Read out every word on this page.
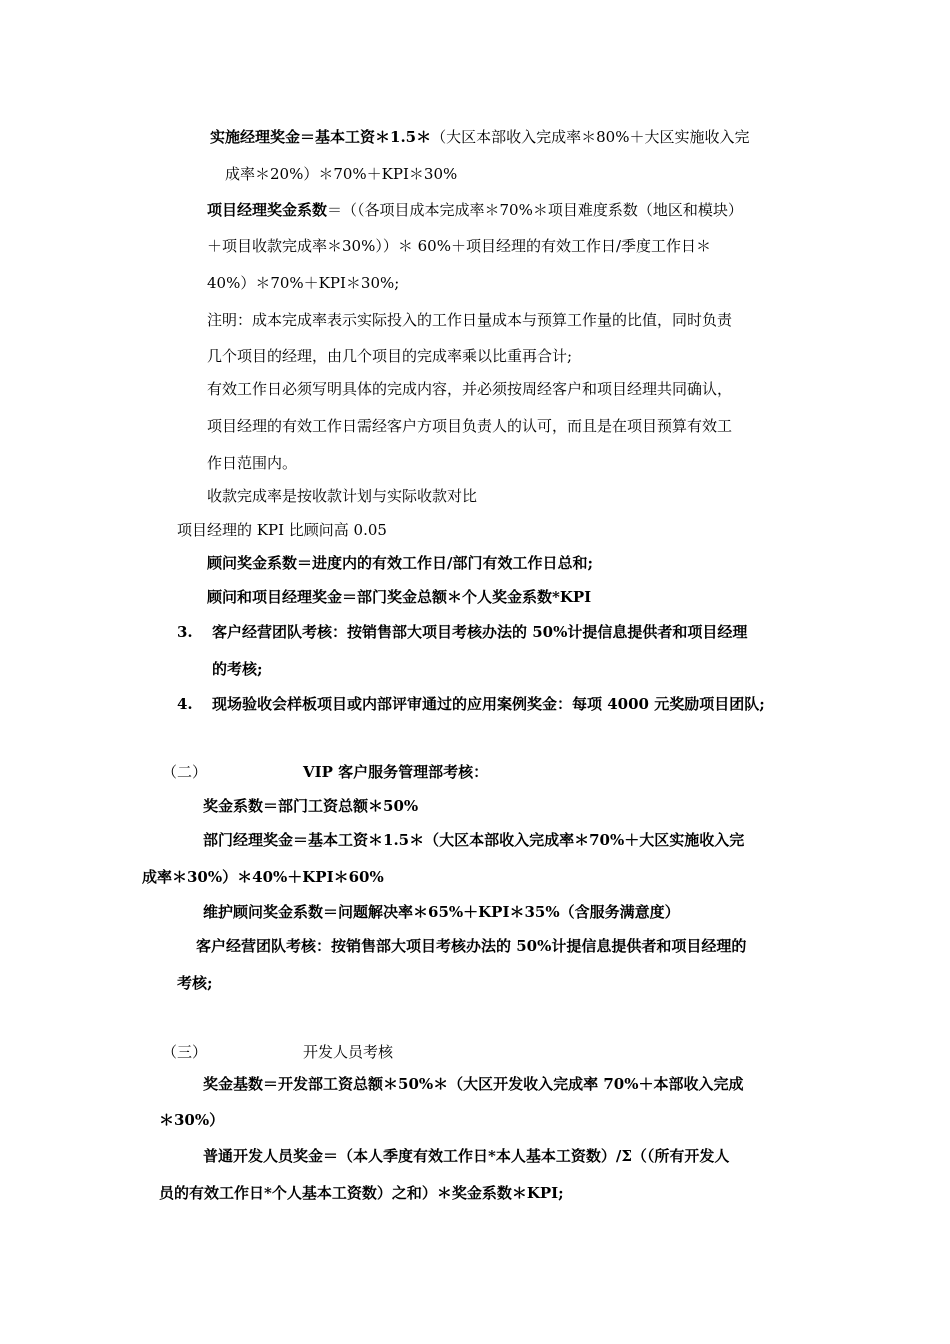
实施经理奖金＝基本工资＊1.5＊（大区本部收入完成率＊80%＋大区实施收入完
成率＊20%）＊70%＋KPI＊30%
项目经理奖金系数＝（（各项目成本完成率＊70%＊项目难度系数（地区和模块）
＋项目收款完成率＊30%））＊ 60%＋项目经理的有效工作日/季度工作日＊
40%）＊70%＋KPI＊30%;
注明：成本完成率表示实际投入的工作日量成本与预算工作量的比值，同时负责
几个项目的经理，由几个项目的完成率乘以比重再合计;
有效工作日必须写明具体的完成内容，并必须按周经客户和项目经理共同确认，
项目经理的有效工作日需经客户方项目负责人的认可，而且是在项目预算有效工
作日范围内。
收款完成率是按收款计划与实际收款对比
项目经理的 KPI 比顾问高 0.05
顾问奖金系数＝进度内的有效工作日/部门有效工作日总和;
顾问和项目经理奖金＝部门奖金总额＊个人奖金系数*KPI
3. 客户经营团队考核：按销售部大项目考核办法的 50%计提信息提供者和项目经理
的考核;
4. 现场验收会样板项目或内部评审通过的应用案例奖金：每项 4000 元奖励项目团队;
（二）	VIP 客户服务管理部考核：
奖金系数＝部门工资总额＊50%
部门经理奖金＝基本工资＊1.5＊（大区本部收入完成率＊70%＋大区实施收入完
成率＊30%）＊40%＋KPI＊60%
维护顾问奖金系数＝问题解决率＊65%＋KPI＊35%（含服务满意度）
客户经营团队考核：按销售部大项目考核办法的 50%计提信息提供者和项目经理的
考核;
（三）	开发人员考核
奖金基数＝开发部工资总额＊50%＊（大区开发收入完成率 70%＋本部收入完成
＊30%）
普通开发人员奖金＝（本人季度有效工作日*本人基本工资数）/Σ（（所有开发人
员的有效工作日*个人基本工资数）之和）＊奖金系数＊KPI;
